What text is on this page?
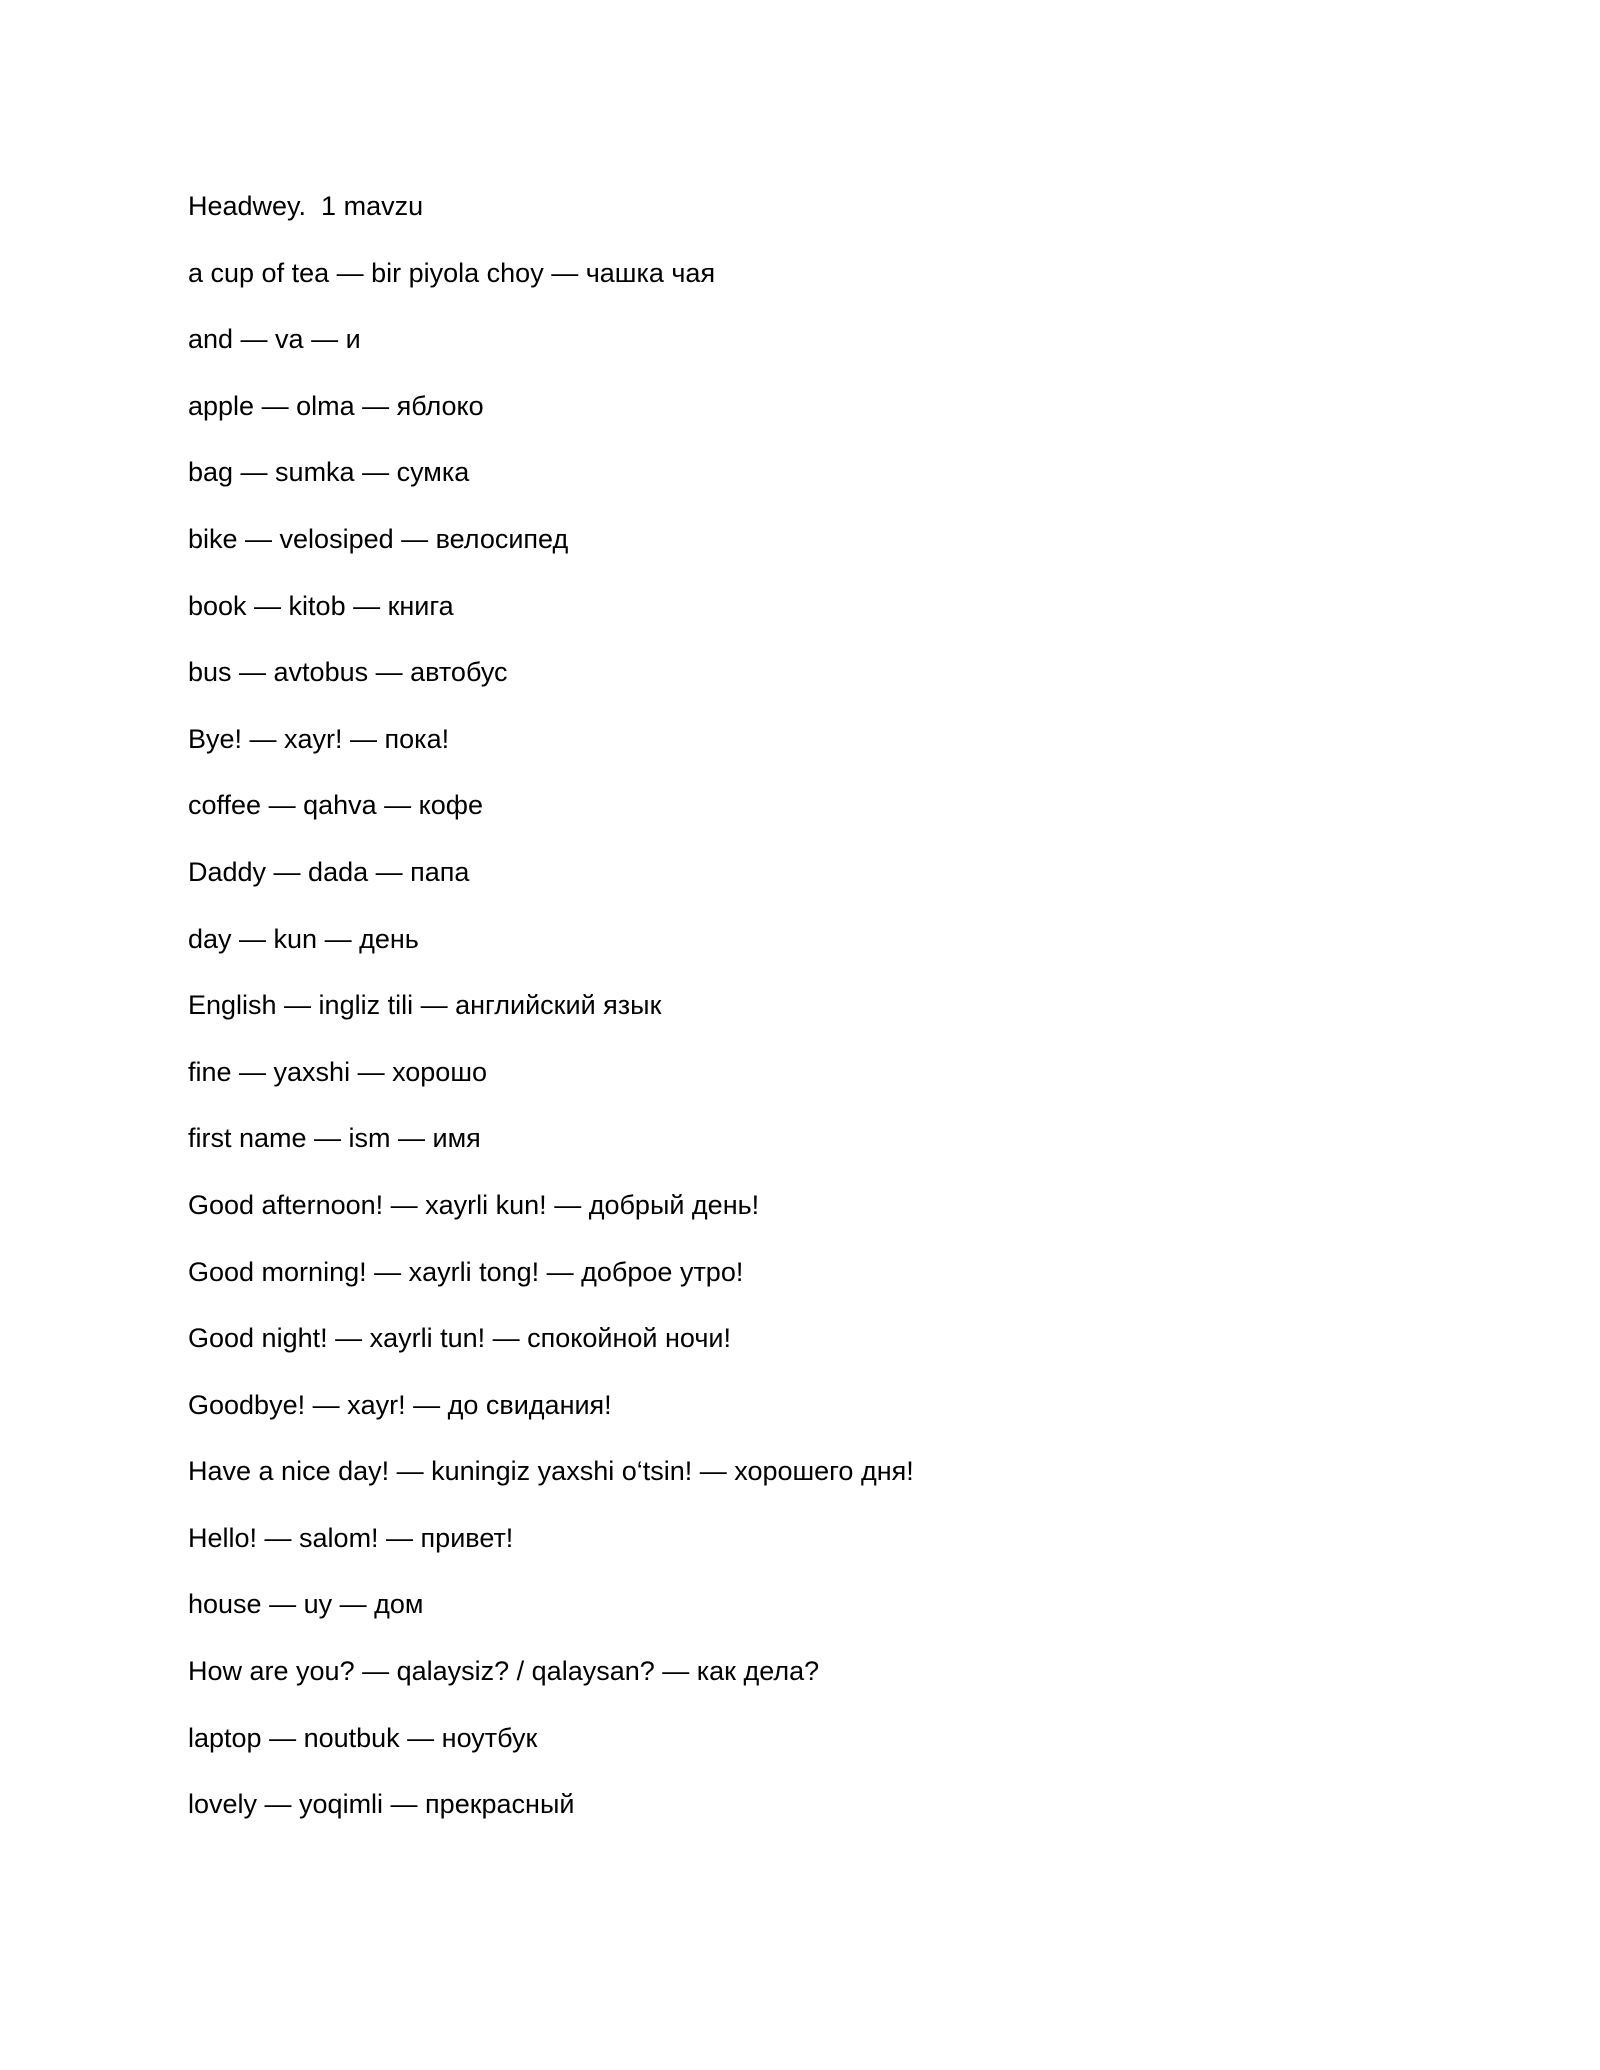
Headwey.  1 mavzu

a cup of tea — bir piyola choy — чашка чая

and — va — и

apple — olma — яблоко

bag — sumka — сумка

bike — velosiped — велосипед

book — kitob — книга

bus — avtobus — автобус

Bye! — xayr! — пока!

coffee — qahva — кофе

Daddy — dada — папа

day — kun — день

English — ingliz tili — английский язык

fine — yaxshi — хорошо

first name — ism — имя

Good afternoon! — xayrli kun! — добрый день!

Good morning! — xayrli tong! — доброе утро!

Good night! — xayrli tun! — спокойной ночи!

Goodbye! — xayr! — до свидания!

Have a nice day! — kuningiz yaxshi o‘tsin! — хорошего дня!

Hello! — salom! — привет!

house — uy — дом

How are you? — qalaysiz? / qalaysan? — как дела?

laptop — noutbuk — ноутбук

lovely — yoqimli — прекрасный
